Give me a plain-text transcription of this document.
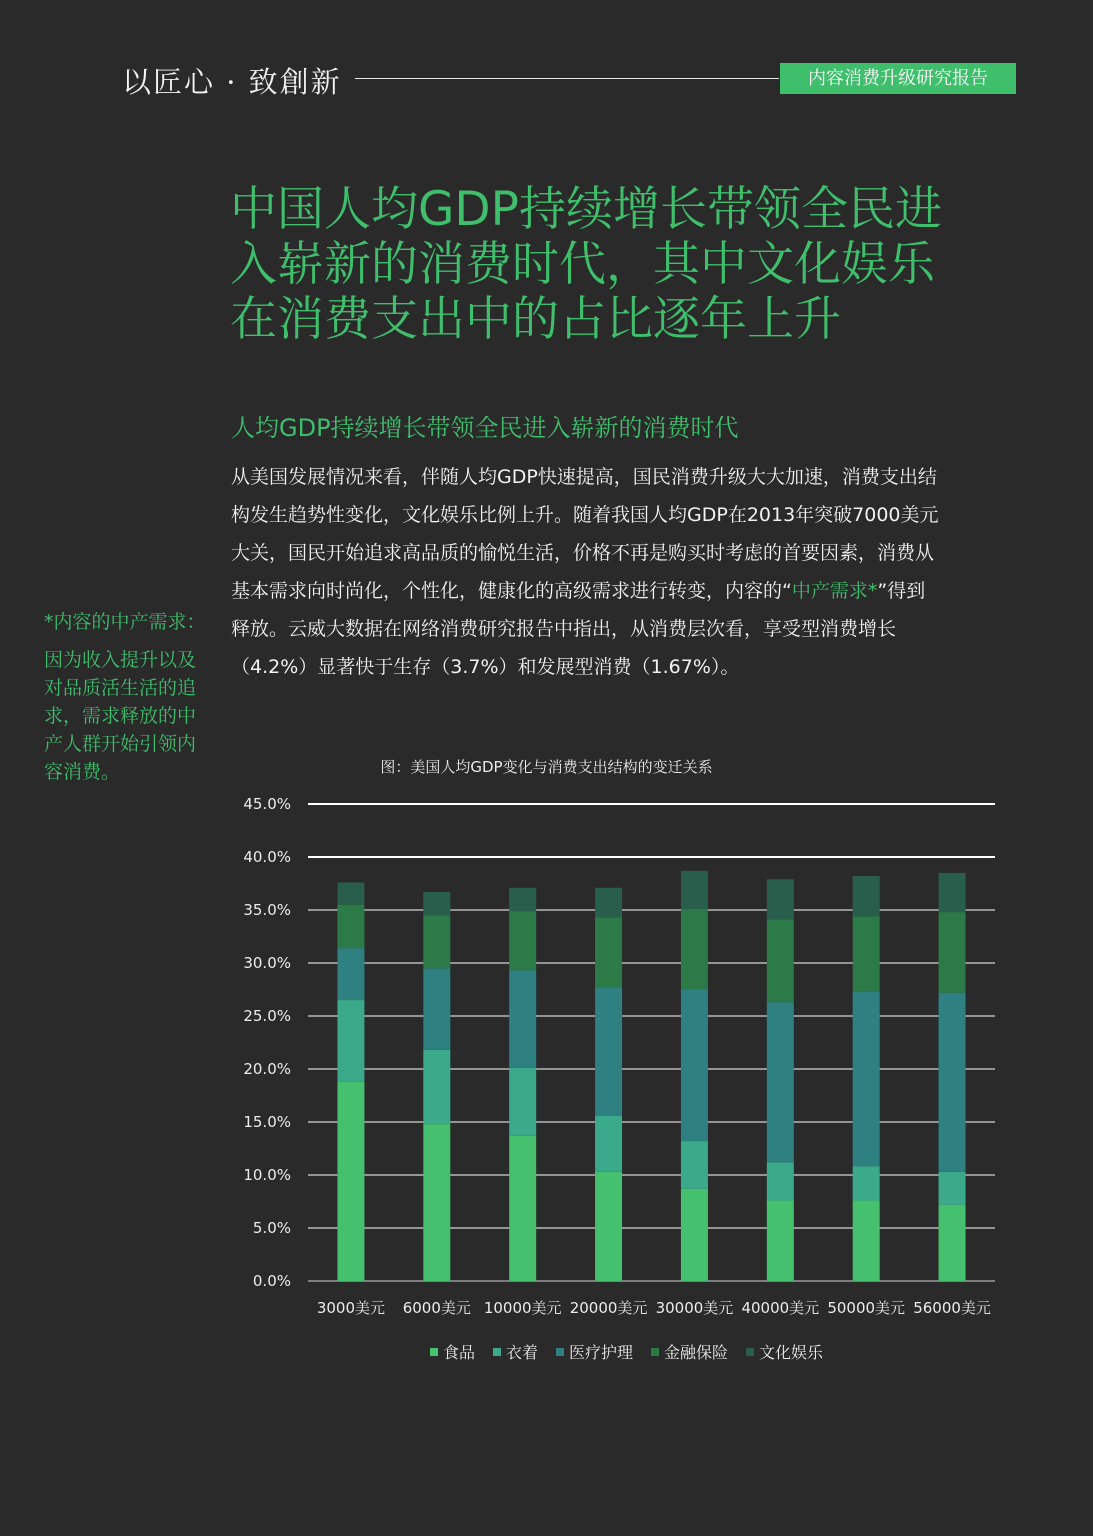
以匠心 · 致創新	内容消费升级研究报告
中国人均GDP持续增长带领全民进
入崭新的消费时代，其中文化娱乐
在消费支出中的占比逐年上升
人均GDP持续增长带领全民进入崭新的消费时代
从美国发展情况来看，伴随人均GDP快速提高，国民消费升级大大加速，消费支出结
构发生趋势性变化，文化娱乐比例上升。随着我国人均GDP在2013年突破7000美元
大关，国民开始追求高品质的愉悦生活，价格不再是购买时考虑的首要因素，消费从
基本需求向时尚化，个性化，健康化的高级需求进行转变，内容的“中产需求*”得到
释放。云威大数据在网络消费研究报告中指出，从消费层次看，享受型消费增长
（4.2%）显著快于生存（3.7%）和发展型消费（1.67%）。
*内容的中产需求：
因为收入提升以及
对品质活生活的追
求，需求释放的中
产人群开始引领内
容消费。	图：美国人均GDP变化与消费支出结构的变迁关系
0.0%
5.0%
10.0%
15.0%
20.0%
25.0%
30.0%
35.0%
40.0%
45.0%
3000美元 6000美元 10000美元 20000美元 30000美元 40000美元 50000美元 56000美元
食品 衣着 医疗护理 金融保险 文化娱乐
